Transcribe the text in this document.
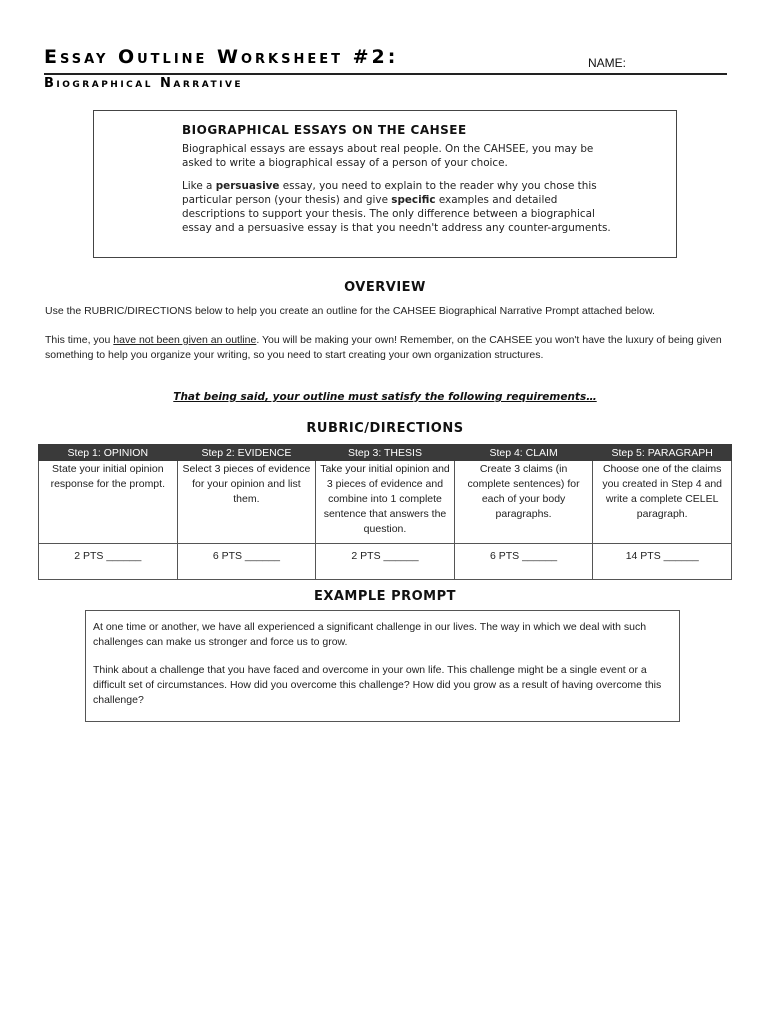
Essay Outline Worksheet #2:	NAME:
Biographical Narrative
BIOGRAPHICAL ESSAYS ON THE CAHSEE

Biographical essays are essays about real people. On the CAHSEE, you may be asked to write a biographical essay of a person of your choice.

Like a persuasive essay, you need to explain to the reader why you chose this particular person (your thesis) and give specific examples and detailed descriptions to support your thesis. The only difference between a biographical essay and a persuasive essay is that you needn't address any counter-arguments.

OVERVIEW

Use the RUBRIC/DIRECTIONS below to help you create an outline for the CAHSEE Biographical Narrative Prompt attached below.

This time, you have not been given an outline. You will be making your own! Remember, on the CAHSEE you won't have the luxury of being given something to help you organize your writing, so you need to start creating your own organization structures.

That being said, your outline must satisfy the following requirements…
RUBRIC/DIRECTIONS
Step 1: OPINION	Step 2: EVIDENCE	Step 3: THESIS	Step 4: CLAIM	Step 5: PARAGRAPH
State your initial opinion response for the prompt.	Select 3 pieces of evidence for your opinion and list them.	Take your initial opinion and 3 pieces of evidence and combine into 1 complete sentence that answers the question.	Create 3 claims (in complete sentences) for each of your body paragraphs.	Choose one of the claims you created in Step 4 and write a complete CELEL paragraph.
2 PTS ______	6 PTS ______	2 PTS ______	6 PTS ______	14 PTS ______
EXAMPLE PROMPT

At one time or another, we have all experienced a significant challenge in our lives. The way in which we deal with such challenges can make us stronger and force us to grow.

Think about a challenge that you have faced and overcome in your own life. This challenge might be a single event or a difficult set of circumstances. How did you overcome this challenge? How did you grow as a result of having overcome this challenge?
